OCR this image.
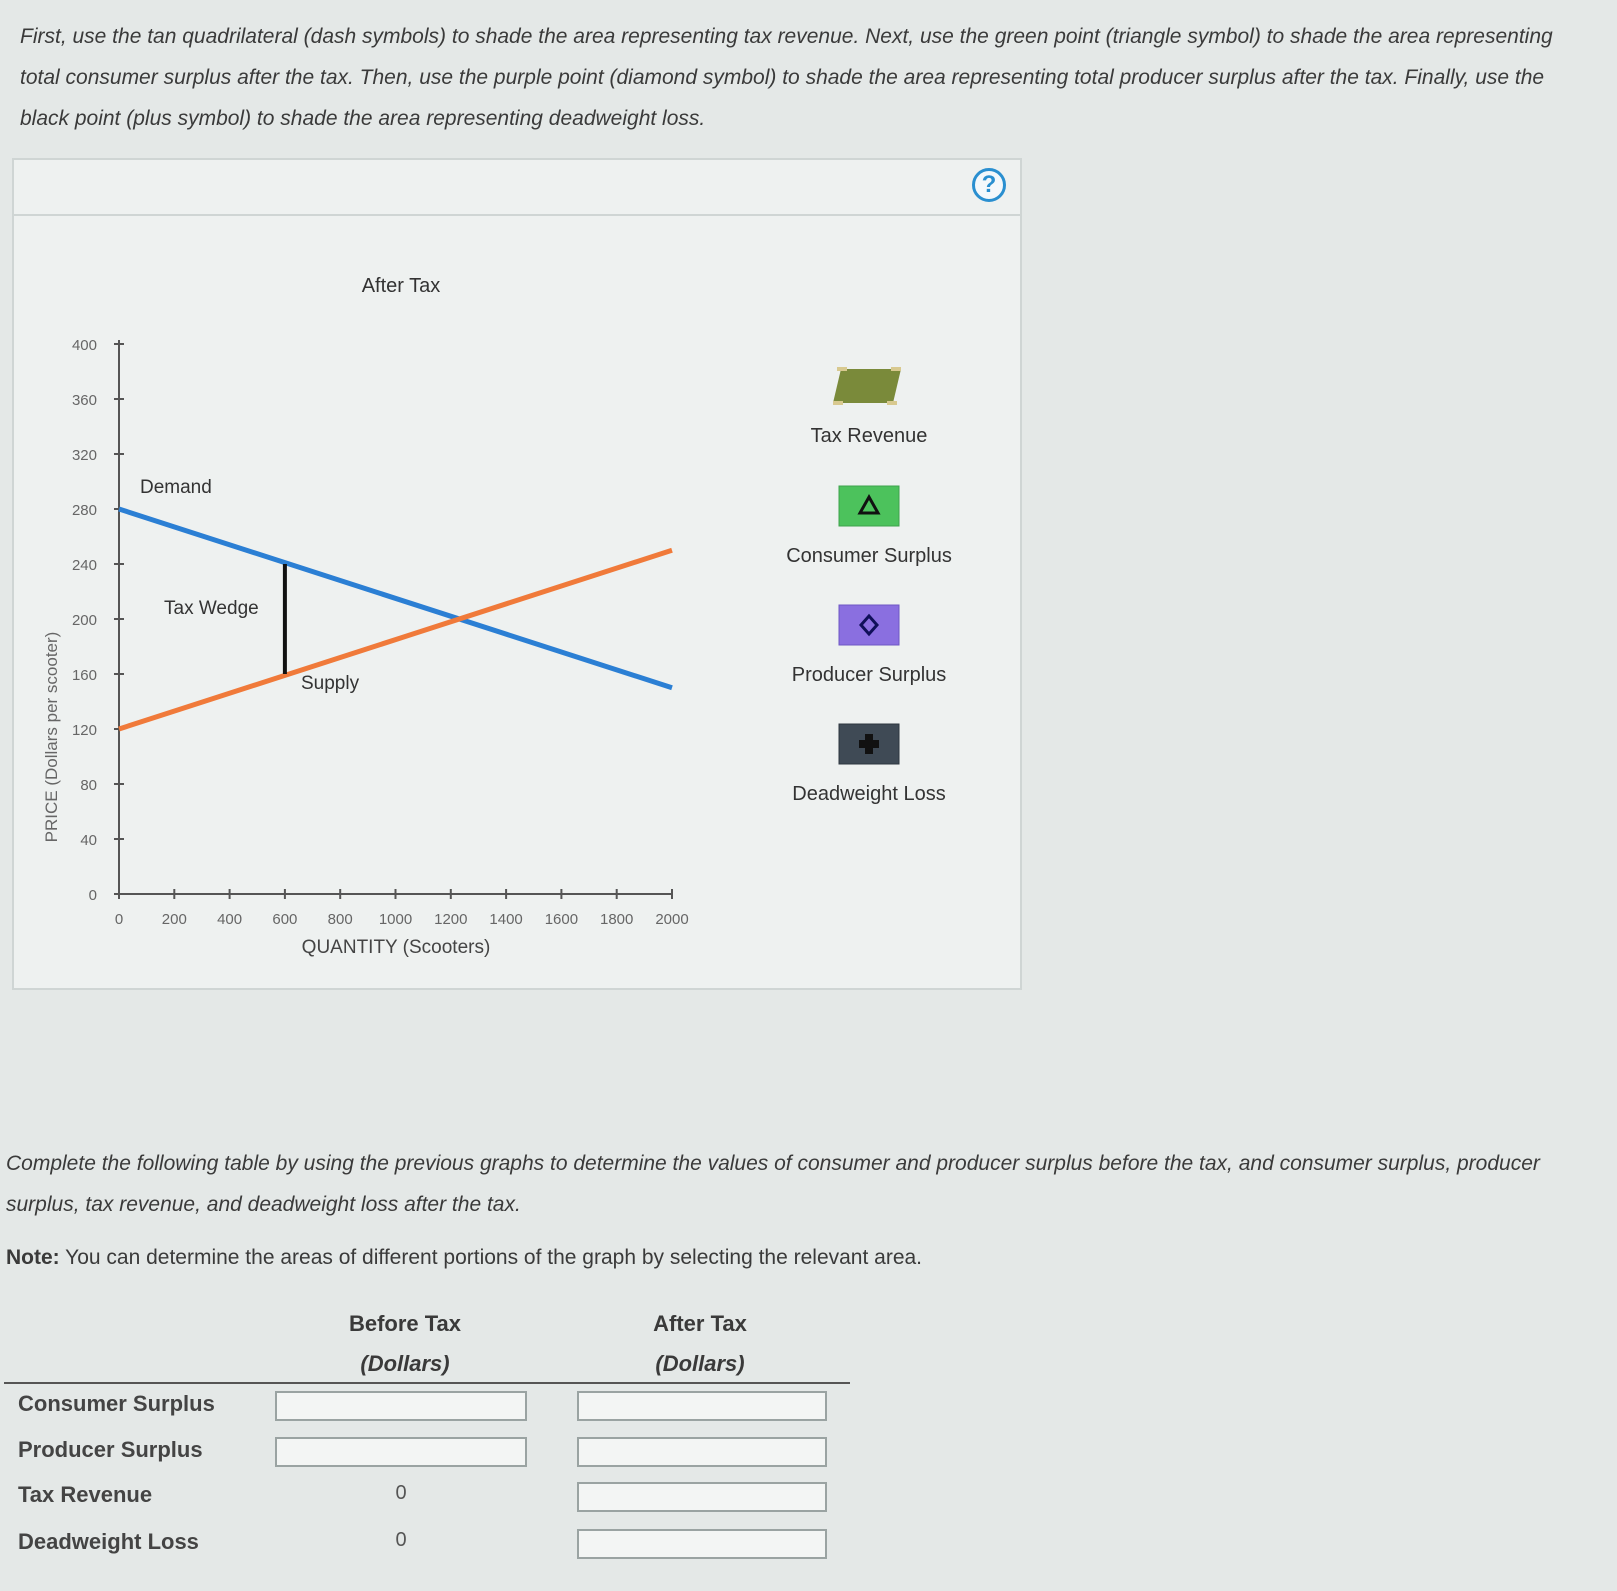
First, use the tan quadrilateral (dash symbols) to shade the area representing tax revenue. Next, use the green point (triangle symbol) to shade the area representing total consumer surplus after the tax. Then, use the purple point (diamond symbol) to shade the area representing total producer surplus after the tax. Finally, use the black point (plus symbol) to shade the area representing deadweight loss.
?
After Tax
PRICE (Dollars per scooter)
QUANTITY (Scooters)
0
40
80
120
160
200
240
280
320
360
400
0	200 400 600 800 1000 1200 1400 1600 1800 2000
Demand
Tax Wedge
Supply
Tax Revenue
Consumer Surplus
Producer Surplus
Deadweight Loss
Complete the following table by using the previous graphs to determine the values of consumer and producer surplus before the tax, and consumer surplus, producer surplus, tax revenue, and deadweight loss after the tax.
Note: You can determine the areas of different portions of the graph by selecting the relevant area.
Before Tax
(Dollars)
After Tax
(Dollars)
Consumer Surplus
Producer Surplus
Tax Revenue	0
Deadweight Loss	0
